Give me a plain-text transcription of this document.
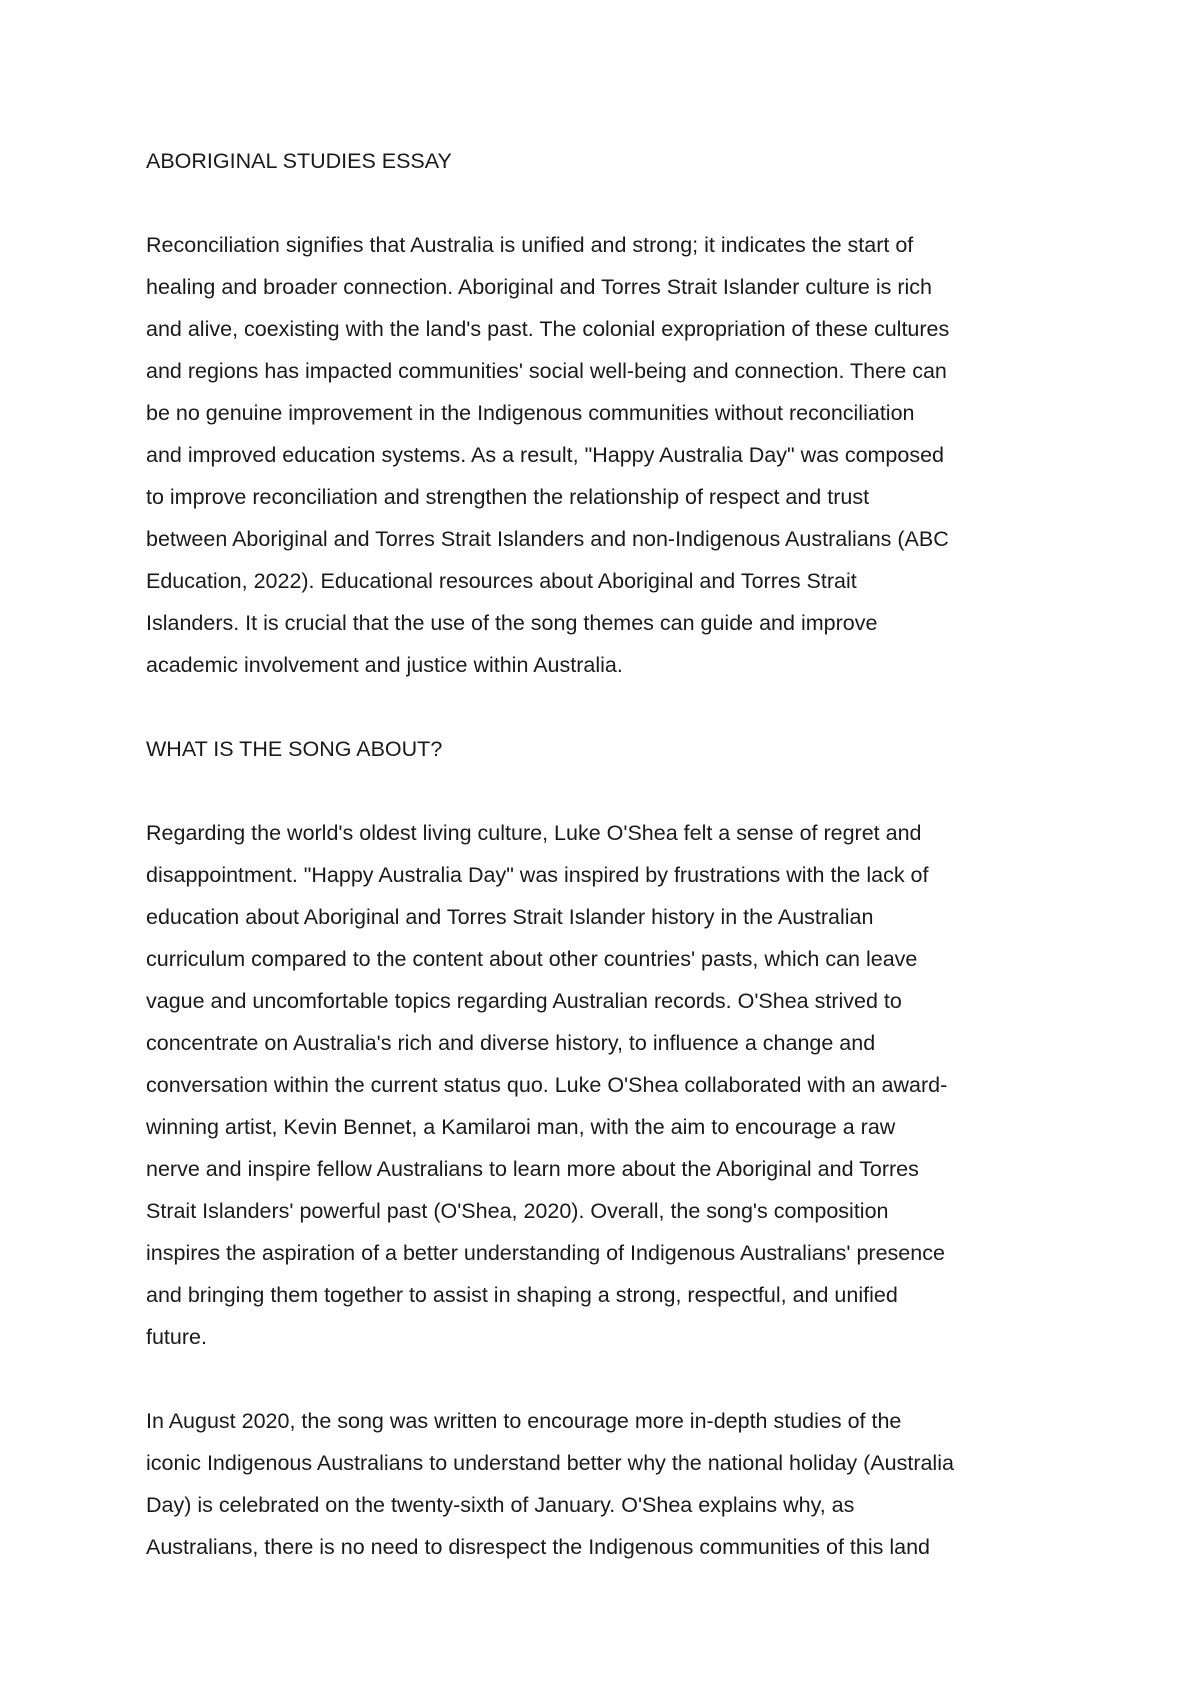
ABORIGINAL STUDIES ESSAY
Reconciliation signifies that Australia is unified and strong; it indicates the start of
healing and broader connection. Aboriginal and Torres Strait Islander culture is rich
and alive, coexisting with the land's past. The colonial expropriation of these cultures
and regions has impacted communities' social well-being and connection. There can
be no genuine improvement in the Indigenous communities without reconciliation
and improved education systems. As a result, "Happy Australia Day" was composed
to improve reconciliation and strengthen the relationship of respect and trust
between Aboriginal and Torres Strait Islanders and non-Indigenous Australians (ABC
Education, 2022). Educational resources about Aboriginal and Torres Strait
Islanders. It is crucial that the use of the song themes can guide and improve
academic involvement and justice within Australia.
WHAT IS THE SONG ABOUT?
Regarding the world's oldest living culture, Luke O'Shea felt a sense of regret and
disappointment. "Happy Australia Day" was inspired by frustrations with the lack of
education about Aboriginal and Torres Strait Islander history in the Australian
curriculum compared to the content about other countries' pasts, which can leave
vague and uncomfortable topics regarding Australian records. O'Shea strived to
concentrate on Australia's rich and diverse history, to influence a change and
conversation within the current status quo. Luke O'Shea collaborated with an award-
winning artist, Kevin Bennet, a Kamilaroi man, with the aim to encourage a raw
nerve and inspire fellow Australians to learn more about the Aboriginal and Torres
Strait Islanders' powerful past (O'Shea, 2020). Overall, the song's composition
inspires the aspiration of a better understanding of Indigenous Australians' presence
and bringing them together to assist in shaping a strong, respectful, and unified
future.
In August 2020, the song was written to encourage more in-depth studies of the
iconic Indigenous Australians to understand better why the national holiday (Australia
Day) is celebrated on the twenty-sixth of January. O'Shea explains why, as
Australians, there is no need to disrespect the Indigenous communities of this land
